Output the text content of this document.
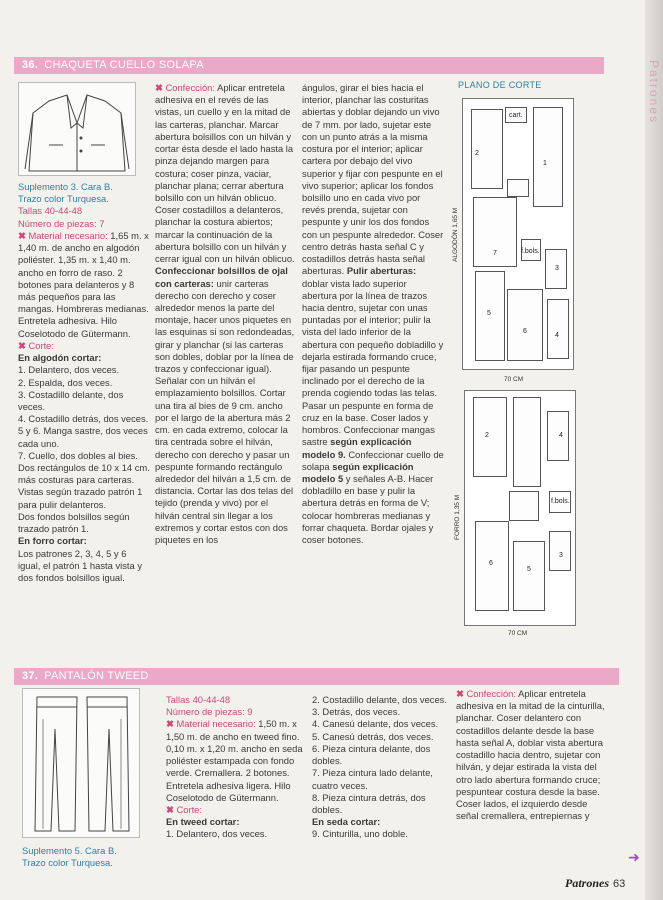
Patrones
36. CHAQUETA CUELLO SOLAPA

Suplemento 3. Cara B.

Trazo color Turquesa.

Tallas 40-44-48

Número de piezas: 7

✖ Material necesario: 1,65 m. x 1,40 m. de ancho en algodón poliéster. 1,35 m. x 1,40 m. ancho en forro de raso. 2 botones para delanteros y 8 más pequeños para las mangas. Hombreras medianas. Entretela adhesiva. Hilo Coselotodo de Gütermann.

✖ Corte:

En algodón cortar:

1. Delantero, dos veces.

2. Espalda, dos veces.

3. Costadillo delante, dos veces.

4. Costadillo detrás, dos veces.

5 y 6. Manga sastre, dos veces cada uno.

7. Cuello, dos dobles al bies.

Dos rectángulos de 10 x 14 cm. más costuras para carteras.

Vistas según trazado patrón 1 para pulir delanteros.

Dos fondos bolsillos según trazado patrón 1.

En forro cortar:

Los patrones 2, 3, 4, 5 y 6 igual, el patrón 1 hasta vista y dos fondos bolsillos igual.

✖ Confección: Aplicar entretela adhesiva en el revés de las vistas, un cuello y en la mitad de las carteras, planchar. Marcar abertura bolsillos con un hilván y cortar ésta desde el lado hasta la pinza dejando margen para costura; coser pinza, vaciar, planchar plana; cerrar abertura bolsillo con un hilván oblicuo. Coser costadillos a delanteros, planchar la costura abiertos; marcar la continuación de la abertura bolsillo con un hilván y cerrar igual con un hilván oblicuo. Confeccionar bolsillos de ojal con carteras: unir carteras derecho con derecho y coser alrededor menos la parte del montaje, hacer unos piquetes en las esquinas si son redondeadas, girar y planchar (si las carteras son dobles, doblar por la línea de trazos y confeccionar igual). Señalar con un hilván el emplazamiento bolsillos. Cortar una tira al bies de 9 cm. ancho por el largo de la abertura más 2 cm. en cada extremo, colocar la tira centrada sobre el hilván, derecho con derecho y pasar un pespunte formando rectángulo alrededor del hilván a 1,5 cm. de distancia. Cortar las dos telas del tejido (prenda y vivo) por el hilván central sin llegar a los extremos y cortar estos con dos piquetes en los

ángulos, girar el bies hacia el interior, planchar las costuritas abiertas y doblar dejando un vivo de 7 mm. por lado, sujetar este con un punto atrás a la misma costura por el interior; aplicar cartera por debajo del vivo superior y fijar con pespunte en el vivo superior; aplicar los fondos bolsillo uno en cada vivo por revés prenda, sujetar con pespunte y unir los dos fondos con un pespunte alrededor. Coser centro detrás hasta señal C y costadillos detrás hasta señal aberturas. Pulir aberturas: doblar vista lado superior abertura por la línea de trazos hacia dentro, sujetar con unas puntadas por el interior; pulir la vista del lado inferior de la abertura con pequeño dobladillo y dejarla estirada formando cruce, fijar pasando un pespunte inclinado por el derecho de la prenda cogiendo todas las telas. Pasar un pespunte en forma de cruz en la base. Coser lados y hombros. Confeccionar mangas sastre según explicación modelo 9. Confeccionar cuello de solapa según explicación modelo 5 y señales A-B. Hacer dobladillo en base y pulir la abertura detrás en forma de V; colocar hombreras medianas y forrar chaqueta. Bordar ojales y coser botones.

PLANO DE CORTE
cart.
2
1
7	f.bols.
3
5
6
4
ALGODÓN 1,65 M
70 CM
2	4
f.bols.
3
6
5
FORRO 1,35 M
70 CM
37. PANTALÓN TWEED

Suplemento 5. Cara B.

Trazo color Turquesa.

Tallas 40-44-48

Número de piezas: 9

✖ Material necesario: 1,50 m. x 1,50 m. de ancho en tweed fino. 0,10 m. x 1,20 m. ancho en seda poliéster estampada con fondo verde. Cremallera. 2 botones. Entretela adhesiva ligera. Hilo Coselotodo de Gütermann.

✖ Corte:

En tweed cortar:

1. Delantero, dos veces.

2. Costadillo delante, dos veces.

3. Detrás, dos veces.

4. Canesú delante, dos veces.

5. Canesú detrás, dos veces.

6. Pieza cintura delante, dos dobles.

7. Pieza cintura lado delante, cuatro veces.

8. Pieza cintura detrás, dos dobles.

En seda cortar:

9. Cinturilla, uno doble.

✖ Confección: Aplicar entretela adhesiva en la mitad de la cinturilla, planchar. Coser delantero con costadillos delante desde la base hasta señal A, doblar vista abertura costadillo hacia dentro, sujetar con hilván, y dejar estirada la vista del otro lado abertura formando cruce; pespuntear costura desde la base. Coser lados, el izquierdo desde señal cremallera, entrepiernas y

➜
Patrones 63
